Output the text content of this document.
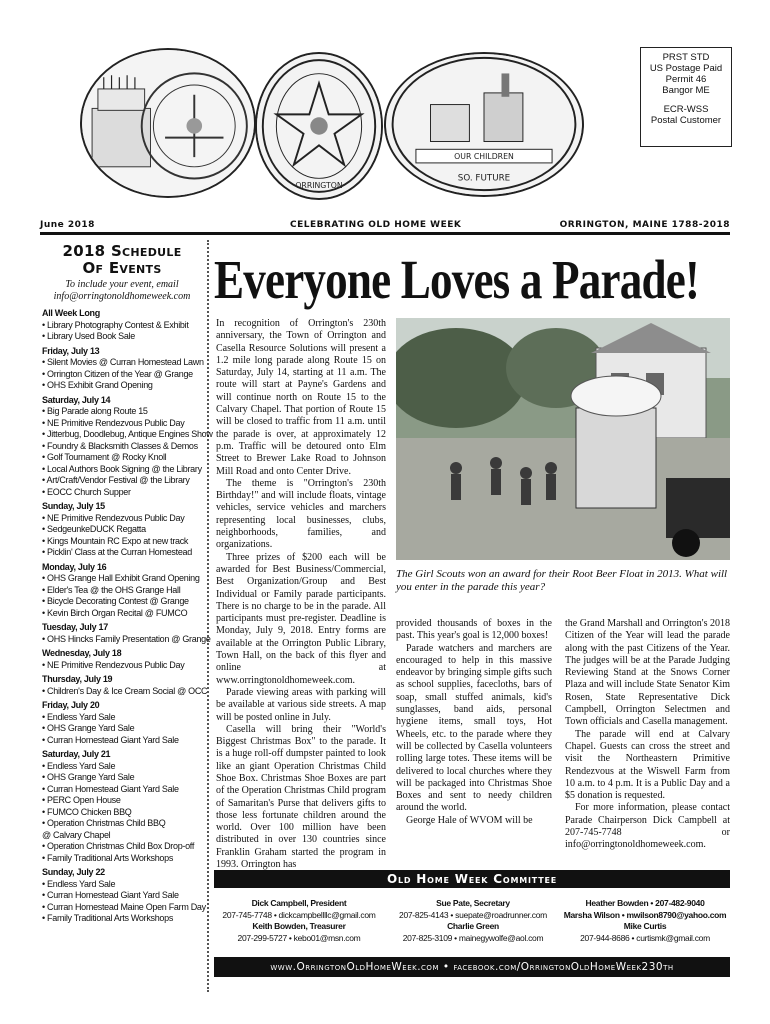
PRST STD
US Postage Paid
Permit 46
Bangor ME
ECR-WSS
Postal Customer
ORRINGTON
OUR CHILDREN
SO. FUTURE
June 2018	CELEBRATING OLD HOME WEEK	ORRINGTON, MAINE 1788-2018
2018 Schedule
Of Events
To include your event, email
info@orringtonoldhomeweek.com
All Week Long
• Library Photography Contest & Exhibit
• Library Used Book Sale
Friday, July 13
• Silent Movies @ Curran Homestead Lawn
• Orrington Citizen of the Year @ Grange
• OHS Exhibit Grand Opening
Saturday, July 14
• Big Parade along Route 15
• NE Primitive Rendezvous Public Day
• Jitterbug, Doodlebug, Antique Engines Show
• Foundry & Blacksmith Classes & Demos
• Golf Tournament @ Rocky Knoll
• Local Authors Book Signing @ the Library
• Art/Craft/Vendor Festival @ the Library
• EOCC Church Supper
Sunday, July 15
• NE Primitive Rendezvous Public Day
• SedgeunkeDUCK Regatta
• Kings Mountain RC Expo at new track
• Picklin' Class at the Curran Homestead
Monday, July 16
• OHS Grange Hall Exhibit Grand Opening
• Elder's Tea @ the OHS Grange Hall
• Bicycle Decorating Contest @ Grange
• Kevin Birch Organ Recital @ FUMCO
Tuesday, July 17
• OHS Hincks Family Presentation @ Grange
Wednesday, July 18
• NE Primitive Rendezvous Public Day
Thursday, July 19
• Children's Day & Ice Cream Social @ OCC
Friday, July 20
• Endless Yard Sale
• OHS Grange Yard Sale
• Curran Homestead Giant Yard Sale
Saturday, July 21
• Endless Yard Sale
• OHS Grange Yard Sale
• Curran Homestead Giant Yard Sale
• PERC Open House
• FUMCO Chicken BBQ
• Operation Christmas Child BBQ
@ Calvary Chapel
• Operation Christmas Child Box Drop-off
• Family Traditional Arts Workshops
Sunday, July 22
• Endless Yard Sale
• Curran Homestead Giant Yard Sale
• Curran Homestead Maine Open Farm Day
• Family Traditional Arts Workshops
Everyone Loves a Parade!

In recognition of Orrington's 230th anniversary, the Town of Orrington and Casella Resource Solutions will present a 1.2 mile long parade along Route 15 on Saturday, July 14, starting at 11 a.m. The route will start at Payne's Gardens and will continue north on Route 15 to the Calvary Chapel. That portion of Route 15 will be closed to traffic from 11 a.m. until the parade is over, at approximately 12 p.m. Traffic will be detoured onto Elm Street to Brewer Lake Road to Johnson Mill Road and onto Center Drive.

The theme is "Orrington's 230th Birthday!" and will include floats, vintage vehicles, service vehicles and marchers representing local businesses, clubs, neighborhoods, families, and organizations.

Three prizes of $200 each will be awarded for Best Business/Commercial, Best Organization/Group and Best Individual or Family parade participants. There is no charge to be in the parade. All participants must pre-register. Deadline is Monday, July 9, 2018. Entry forms are available at the Orrington Public Library, Town Hall, on the back of this flyer and online at www.orringtonoldhomeweek.com.

Parade viewing areas with parking will be available at various side streets. A map will be posted online in July.

Casella will bring their "World's Biggest Christmas Box" to the parade. It is a huge roll-off dumpster painted to look like an giant Operation Christmas Child Shoe Box. Christmas Shoe Boxes are part of the Operation Christmas Child program of Samaritan's Purse that delivers gifts to those less fortunate children around the world. Over 100 million have been distributed in over 130 countries since Franklin Graham started the program in 1993. Orrington has

The Girl Scouts won an award for their Root Beer Float in 2013. What will you enter in the parade this year?

provided thousands of boxes in the past. This year's goal is 12,000 boxes!

Parade watchers and marchers are encouraged to help in this massive endeavor by bringing simple gifts such as school supplies, facecloths, bars of soap, small stuffed animals, kid's sunglasses, band aids, personal hygiene items, small toys, Hot Wheels, etc. to the parade where they will be collected by Casella volunteers rolling large totes. These items will be delivered to local churches where they will be packaged into Christmas Shoe Boxes and sent to needy children around the world.

George Hale of WVOM will be

the Grand Marshall and Orrington's 2018 Citizen of the Year will lead the parade along with the past Citizens of the Year. The judges will be at the Parade Judging Reviewing Stand at the Snows Corner Plaza and will include State Senator Kim Rosen, State Representative Dick Campbell, Orrington Selectmen and Town officials and Casella management.

The parade will end at Calvary Chapel. Guests can cross the street and visit the Northeastern Primitive Rendezvous at the Wiswell Farm from 10 a.m. to 4 p.m. It is a Public Day and a $5 donation is requested.

For more information, please contact Parade Chairperson Dick Campbell at 207-745-7748 or info@orringtonoldhomeweek.com.

Old Home Week Committee
Dick Campbell, President
207-745-7748 • dickcampbellllc@gmail.com
Keith Bowden, Treasurer
207-299-5727 • kebo01@msn.com
Sue Pate, Secretary
207-825-4143 • suepate@roadrunner.com
Charlie Green
207-825-3109 • mainegywolfe@aol.com
Heather Bowden • 207-482-9040
Marsha Wilson • mwilson8790@yahoo.com
Mike Curtis
207-944-8686 • curtismk@gmail.com
www.OrringtonOldHomeWeek.com • facebook.com/OrringtonOldHomeWeek230th
